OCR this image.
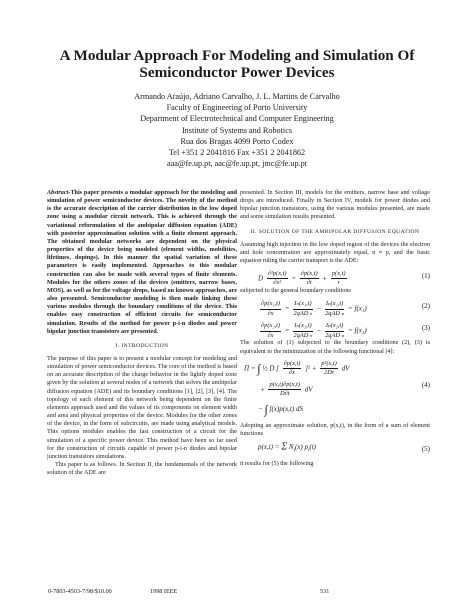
A Modular Approach For Modeling and Simulation Of
Semiconductor Power Devices
Armando Araújo, Adriano Carvalho, J. L. Martins de Carvalho
Faculty of Engineering of Porto University
Department of Electrotechnical and Computer Engineering
Institute of Systems and Robotics
Rua dos Bragas 4099 Porto Codex
Tel +351 2 2041816 Fax +351 2 2041862
aaa@fe.up.pt, aac@fe.up.pt, jmc@fe.up.pt

Abstract-This paper presents a modular approach for the modeling and simulation of power semiconductor devices. The novelty of the method is the accurate description of the carrier distribution in the low doped zone using a modular circuit network. This is achieved through the variational reformulation of the ambipolar diffusion equation (ADE) with posterior approximation solution with a finite element approach. The obtained modular networks are dependent on the physical properties of the device being modeled (element widths, mobilities, lifetimes, dopings). In this manner the spatial variation of these parameters is easily implemented. Approaches to this modular construction can also be made with several types of finite elements. Modules for the others zones of the devices (emitters, narrow bases, MOS), as well as for the voltage drops, based on known approaches, are also presented. Semiconductor modeling is then made linking these various modules through the boundary conditions of the device. This enables easy construction of efficient circuits for semiconductor simulation. Results of the method for power p-i-n diodes and power bipolar junction transistors are presented.

I. INTRODUCTION

The purpose of this paper is to present a modular concept for modeling and simulation of power semiconductor devices. The core of the method is based on an accurate description of the charge behavior in the lightly doped zone given by the solution at several nodes of a network that solves the ambipolar diffusion equation (ADE) and its boundary conditions [1], [2], [3], [4]. The topology of each element of this network being dependent on the finite elements approach used and the values of its components on element width and area and physical properties of the device. Modules for the other zones of the device, in the form of subcircuits, are made using analytical models. This options modules enables the fast construction of a circuit for the simulation of a specific power device. This method have been so far used for the construction of circuits capable of power p-i-n diodes and bipolar junction transistors simulations.

This paper is as follows. In Section II, the fundamentals of the network solution of the ADE are

presented. In Section III, models for the emitters, narrow base and voltage drops are introduced. Finally in Section IV, models for power diodes and bipolar junction transistors, using the various modules presented, are made and some simulation results presented.

II. SOLUTION OF THE AMBIPOLAR DIFFUSION EQUATION

Assuming high injection in the low doped region of the devices the electron and hole concentration are approximately equal, n ≈ p, and the basic equation ruling the carrier transport is the ADE:

D $\frac{\text{∂²p(x,t)}}{\text{∂x²}} = \frac{\partial p(x,t)}{\partial t} + \frac{p(x,t)}{\tau}$	(1)

subjected to the general boundary conditions

$\frac{\text{∂p(x₁,t)}}{\partial x} = \frac{\text{Iₙ(x₁,t)}}{\text{2qAD ₙ}} - \frac{\text{Iₚ(x₁,t)}}{\text{2qAD ₚ}} = f(x_1)$	(2)
$\frac{\text{∂p(x₂,t)}}{\partial x} = \frac{\text{Iₙ(x₂,t)}}{\text{2qAD ₙ}} - \frac{\text{Iₚ(x₂,t)}}{\text{2qAD ₚ}} = f(x_2)$	(3)

The solution of (1) subjected to the boundary conditions (2), (3) is equivalent to the minimization of the following functional [4]:

Π = ∫ ½ D [ $\frac{\partial p(x,t)}{\partial x} ]^2 + \frac{\text{p²(x,t)}}{2D\tau}$ dV
+ $\frac{p(x,t)\partial p(x,t)}{D\partial t}$ dV
(4)
− ∫ f(x)p(x,t) dS

Adopting an approximate solution, p(x,t), in the form of a sum of element functions

p(x,t) = Σ $N_i(x)$ $p_i(t)$	(5)

it results for (5) the following

0-7803-4503-7/98/$10.00	1998 IEEE	531
